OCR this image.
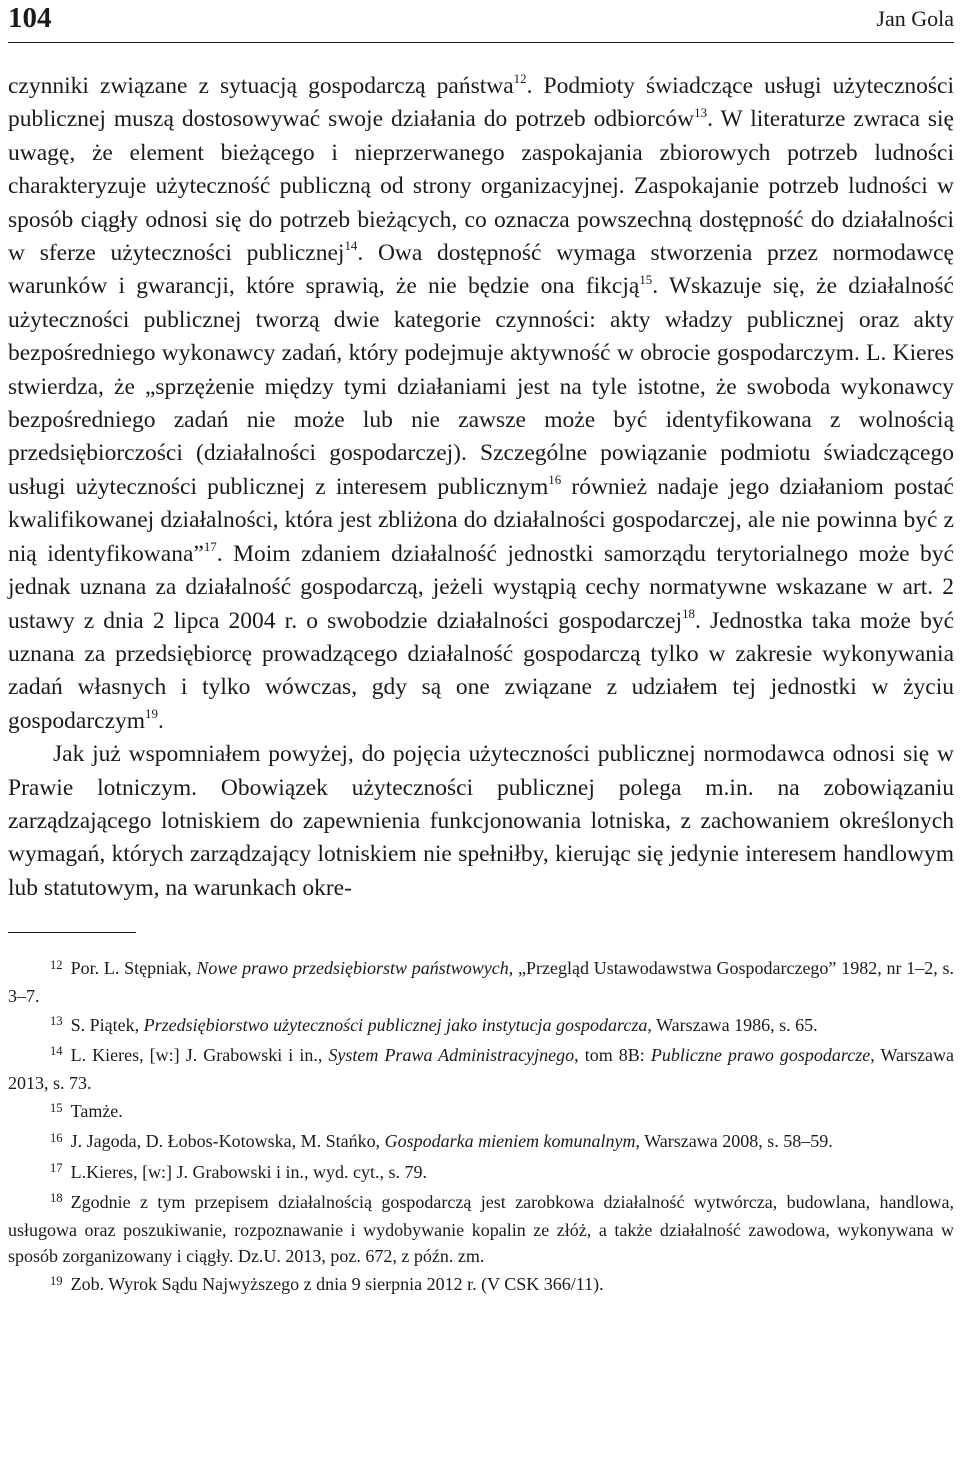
104	Jan Gola

czynniki związane z sytuacją gospodarczą państwa$^{12}$. Podmioty świadczące usługi użyteczności publicznej muszą dostosowywać swoje działania do potrzeb odbiorców$^{13}$. W literaturze zwraca się uwagę, że element bieżącego i nieprzerwanego zaspokajania zbiorowych potrzeb ludności charakteryzuje użyteczność publiczną od strony organizacyjnej. Zaspokajanie potrzeb ludności w sposób ciągły odnosi się do potrzeb bieżących, co oznacza powszechną dostępność do działalności w sferze użyteczności publicznej$^{14}$. Owa dostępność wymaga stworzenia przez normodawcę warunków i gwarancji, które sprawią, że nie będzie ona fikcją$^{15}$. Wskazuje się, że działalność użyteczności publicznej tworzą dwie kategorie czynności: akty władzy publicznej oraz akty bezpośredniego wykonawcy zadań, który podejmuje aktywność w obrocie gospodarczym. L. Kieres stwierdza, że „sprzężenie między tymi działaniami jest na tyle istotne, że swoboda wykonawcy bezpośredniego zadań nie może lub nie zawsze może być identyfikowana z wolnością przedsiębiorczości (działalności gospodarczej). Szczególne powiązanie podmiotu świadczącego usługi użyteczności publicznej z interesem publicznym$^{16}$ również nadaje jego działaniom postać kwalifikowanej działalności, która jest zbliżona do działalności gospodarczej, ale nie powinna być z nią identyfikowana”$^{17}$. Moim zdaniem działalność jednostki samorządu terytorialnego może być jednak uznana za działalność gospodarczą, jeżeli wystąpią cechy normatywne wskazane w art. 2 ustawy z dnia 2 lipca 2004 r. o swobodzie działalności gospodarczej$^{18}$. Jednostka taka może być uznana za przedsiębiorcę prowadzącego działalność gospodarczą tylko w zakresie wykonywania zadań własnych i tylko wówczas, gdy są one związane z udziałem tej jednostki w życiu gospodarczym$^{19}$.

Jak już wspomniałem powyżej, do pojęcia użyteczności publicznej normodawca odnosi się w Prawie lotniczym. Obowiązek użyteczności publicznej polega m.in. na zobowiązaniu zarządzającego lotniskiem do zapewnienia funkcjonowania lotniska, z zachowaniem określonych wymagań, których zarządzający lotniskiem nie spełniłby, kierując się jedynie interesem handlowym lub statutowym, na warunkach okre-

$^{12}$ Por. L. Stępniak, Nowe prawo przedsiębiorstw państwowych, „Przegląd Ustawodawstwa Gospodarczego” 1982, nr 1–2, s. 3–7.

$^{13}$ S. Piątek, Przedsiębiorstwo użyteczności publicznej jako instytucja gospodarcza, Warszawa 1986, s. 65.

$^{14}$ L. Kieres, [w:] J. Grabowski i in., System Prawa Administracyjnego, tom 8B: Publiczne prawo gospodarcze, Warszawa 2013, s. 73.

$^{15}$ Tamże.

$^{16}$ J. Jagoda, D. Łobos-Kotowska, M. Stańko, Gospodarka mieniem komunalnym, Warszawa 2008, s. 58–59.

$^{17}$ L.Kieres, [w:] J. Grabowski i in., wyd. cyt., s. 79.

$^{18}$ Zgodnie z tym przepisem działalnością gospodarczą jest zarobkowa działalność wytwórcza, budowlana, handlowa, usługowa oraz poszukiwanie, rozpoznawanie i wydobywanie kopalin ze złóż, a także działalność zawodowa, wykonywana w sposób zorganizowany i ciągły. Dz.U. 2013, poz. 672, z późn. zm.

$^{19}$ Zob. Wyrok Sądu Najwyższego z dnia 9 sierpnia 2012 r. (V CSK 366/11).
